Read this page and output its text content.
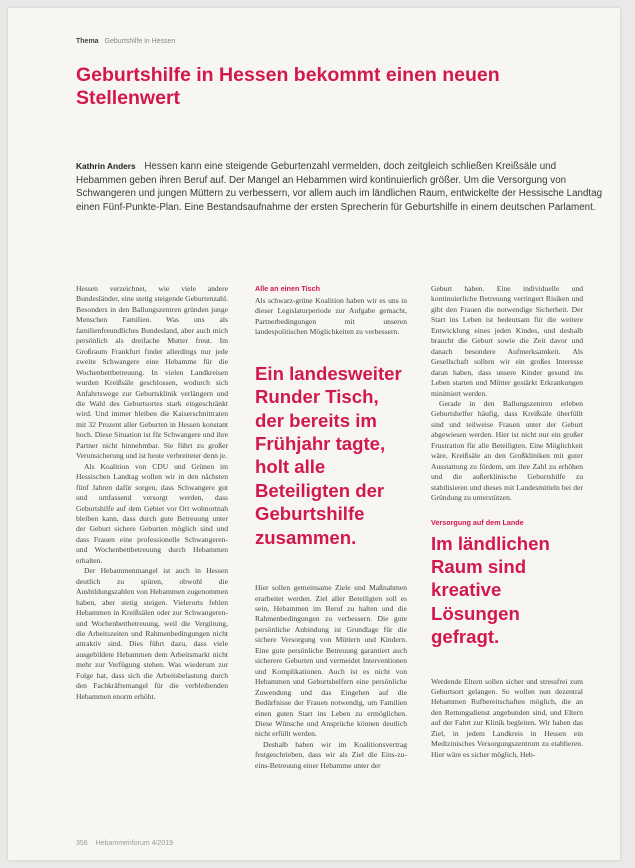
Thema Geburtshilfe in Hessen
Geburtshilfe in Hessen bekommt einen neuen Stellenwert

Kathrin Anders Hessen kann eine steigende Geburtenzahl vermelden, doch zeitgleich schließen Kreißsäle und Hebammen geben ihren Beruf auf. Der Mangel an Hebammen wird kontinuierlich größer. Um die Versorgung von Schwangeren und jungen Müttern zu verbessern, vor allem auch im ländlichen Raum, entwickelte der Hessische Landtag einen Fünf-Punkte-Plan. Eine Bestandsaufnahme der ersten Sprecherin für Geburtshilfe in einem deutschen Parlament.

Hessen verzeichnet, wie viele andere Bundesländer, eine stetig steigende Geburtenzahl. Besonders in den Ballungszentren gründen junge Menschen Familien. Was uns als familienfreundliches Bundesland, aber auch mich persönlich als dreifache Mutter freut. Im Großraum Frankfurt findet allerdings nur jede zweite Schwangere eine Hebamme für die Wochenbettbetreuung. In vielen Landkreisen wurden Kreißsäle geschlossen, wodurch sich Anfahrtswege zur Geburtsklinik verlängern und die Wahl des Geburtsortes stark eingeschränkt wird. Und immer bleiben die Kaiserschnittraten mit 32 Prozent aller Geburten in Hessen konstant hoch. Diese Situation ist für Schwangere und ihre Partner nicht hinnehmbar. Sie führt zu großer Verunsicherung und ist heute verbreiteter denn je.

Als Koalition von CDU und Grünen im Hessischen Landtag wollen wir in den nächsten fünf Jahren dafür sorgen, dass Schwangere gut und umfassend versorgt werden, dass Geburtshilfe auf dem Gebiet vor Ort wohnortnah bleiben kann, dass durch gute Betreuung unter der Geburt sichere Geburten möglich sind und dass Frauen eine professionelle Schwangeren- und Wochenbettbetreuung durch Hebammen erhalten.

Der Hebammenmangel ist auch in Hessen deutlich zu spüren, obwohl die Ausbildungszahlen von Hebammen zugenommen haben, aber stetig steigen. Vielerorts fehlen Hebammen in Kreißsälen oder zur Schwangeren- und Wochenbettbetreuung, weil die Vergütung, die Arbeitszeiten und Rahmenbedingungen nicht attraktiv sind. Dies führt dazu, dass viele ausgebildete Hebammen dem Arbeitsmarkt nicht mehr zur Verfügung stehen. Was wiederum zur Folge hat, dass sich die Arbeitsbelastung durch den Fachkräftemangel für die verbleibenden Hebammen enorm erhöht.

Alle an einen Tisch

Als schwarz-grüne Koalition haben wir es uns in dieser Legislaturperiode zur Aufgabe gemacht, Partnerbedingungen mit unseren landespolitischen Möglichkeiten zu verbessern.

Ein landesweiter Runder Tisch, der bereits im Frühjahr tagte, holt alle Beteiligten der Geburtshilfe zusammen.

Hier sollen gemeinsame Ziele und Maßnahmen erarbeitet werden. Ziel aller Beteiligten soll es sein, Hebammen im Beruf zu halten und die Rahmenbedingungen zu verbessern. Die gute persönliche Anbindung ist Grundlage für die sichere Versorgung von Müttern und Kindern. Eine gute persönliche Betreuung garantiert auch sicherere Geburten und vermeidet Interventionen und Komplikationen. Auch ist es nicht von Hebammen und Geburtshelfern eine persönliche Zuwendung und das Eingehen auf die Bedürfnisse der Frauen notwendig, um Familien einen guten Start ins Leben zu ermöglichen. Diese Wünsche und Ansprüche können deutlich nicht erfüllt werden.

Deshalb haben wir im Koalitionsvertrag festgeschrieben, dass wir als Ziel die Eins-zu-eins-Betreuung einer Hebamme unter der

Geburt haben. Eine individuelle und kontinuierliche Betreuung verringert Risiken und gibt den Frauen die notwendige Sicherheit. Der Start ins Leben ist bedeutsam für die weitere Entwicklung eines jeden Kindes, und deshalb braucht die Geburt sowie die Zeit davor und danach besondere Aufmerksamkeit. Als Gesellschaft sollten wir ein großes Interesse daran haben, dass unsere Kinder gesund ins Leben starten und Mütter gestärkt Erkrankungen minimiert werden.

Gerade in den Ballungszentren erleben Geburtshelfer häufig, dass Kreißsäle überfüllt sind und teilweise Frauen unter der Geburt abgewiesen werden. Hier ist nicht nur ein großer Frustration für alle Beteiligten. Eine Möglichkeit wäre, Kreißsäle an den Großkliniken mit guter Ausstattung zu fördern, um ihre Zahl zu erhöhen und die außerklinische Geburtshilfe zu stabilisieren und dieses mit Landesmitteln bei der Gründung zu unterstützen.

Versorgung auf dem Lande
Im ländlichen Raum sind kreative Lösungen gefragt.

Werdende Eltern sollen sicher und stressfrei zum Geburtsort gelangen. So wollen nun dezentral Hebammen Rufbereitschaften möglich, die an den Rettungsdienst angebunden sind, und Eltern auf der Fahrt zur Klinik begleiten. Wir haben das Ziel, in jedem Landkreis in Hessen ein Medizinisches Versorgungszentrum zu etablieren. Hier wäre es sicher möglich, Heb-

356 Hebammenforum 4/2019
